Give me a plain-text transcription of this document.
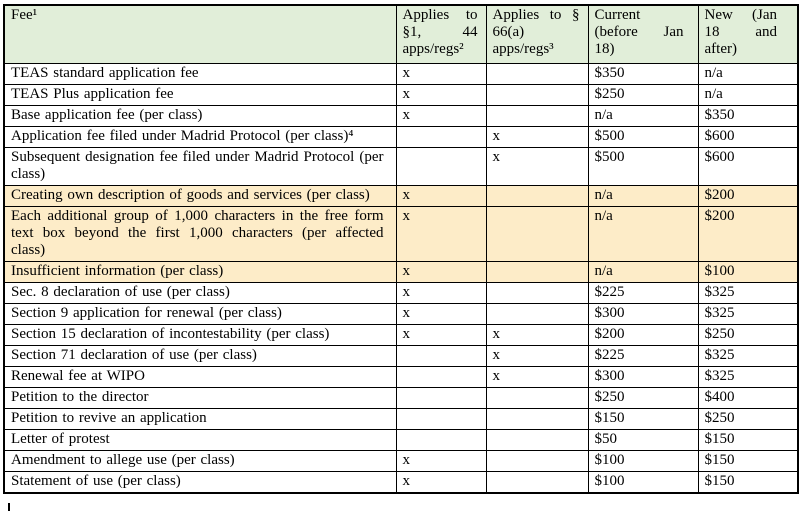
Fee¹	Applies to §1, 44 apps/regs²	Applies to § 66(a) apps/regs³	Current (before Jan 18)	New (Jan 18 and after)
TEAS standard application fee	x		$350	n/a
TEAS Plus application fee	x		$250	n/a
Base application fee (per class)	x		n/a	$350
Application fee filed under Madrid Protocol (per class)⁴		x	$500	$600
Subsequent designation fee filed under Madrid Protocol (per class)		x	$500	$600
Creating own description of goods and services (per class)	x		n/a	$200
Each additional group of 1,000 characters in the free form text box beyond the first 1,000 characters (per affected class)	x		n/a	$200
Insufficient information (per class)	x		n/a	$100
Sec. 8 declaration of use (per class)	x		$225	$325
Section 9 application for renewal (per class)	x		$300	$325
Section 15 declaration of incontestability (per class)	x	x	$200	$250
Section 71 declaration of use (per class)		x	$225	$325
Renewal fee at WIPO		x	$300	$325
Petition to the director			$250	$400
Petition to revive an application			$150	$250
Letter of protest			$50	$150
Amendment to allege use (per class)	x		$100	$150
Statement of use (per class)	x		$100	$150
